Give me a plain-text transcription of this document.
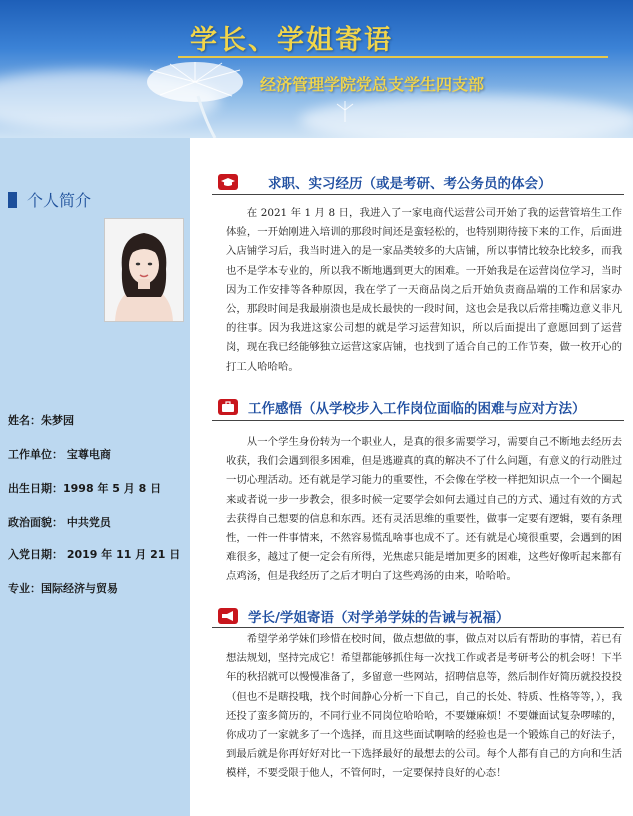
学长、学姐寄语
经济管理学院党总支学生四支部
个人简介
姓名：朱梦园
工作单位： 宝尊电商
出生日期：1998 年 5 月 8 日
政治面貌： 中共党员
入党日期： 2019 年 11 月 21 日
专业：国际经济与贸易
求职、实习经历（或是考研、考公务员的体会）

在 2021 年 1 月 8 日，我进入了一家电商代运营公司开始了我的运营管培生工作体验，一开始刚进入培训的那段时间还是蛮轻松的，也特别期待接下来的工作，后面进入店铺学习后，我当时进入的是一家品类较多的大店铺，所以事情比较杂比较多，而我也不是学本专业的，所以我不断地遇到更大的困难。一开始我是在运营岗位学习，当时因为工作安排等各种原因，我在学了一天商品岗之后开始负责商品端的工作和居家办公，那段时间是我最崩溃也是成长最快的一段时间，这也会是我以后常挂嘴边意义非凡的往事。因为我进这家公司想的就是学习运营知识，所以后面提出了意愿回到了运营岗，现在我已经能够独立运营这家店铺，也找到了适合自己的工作节奏，做一枚开心的打工人哈哈哈。

工作感悟（从学校步入工作岗位面临的困难与应对方法）

从一个学生身份转为一个职业人，是真的很多需要学习，需要自己不断地去经历去收获，我们会遇到很多困难，但是逃避真的真的解决不了什么问题，有意义的行动胜过一切心理活动。还有就是学习能力的重要性，不会像在学校一样把知识点一个一个圈起来或者说一步一步教会，很多时候一定要学会如何去通过自己的方式、通过有效的方式去获得自己想要的信息和东西。还有灵活思维的重要性，做事一定要有逻辑，要有条理性，一件一件事情来，不然容易慌乱啥事也成不了。还有就是心境很重要，会遇到的困难很多，越过了便一定会有所得，光焦虑只能是增加更多的困难，这些好像听起来都有点鸡汤，但是我经历了之后才明白了这些鸡汤的由来，哈哈哈。

学长/学姐寄语（对学弟学妹的告诫与祝福）

希望学弟学妹们珍惜在校时间，做点想做的事，做点对以后有帮助的事情，若已有想法规划，坚持完成它！希望都能够抓住每一次找工作或者是考研考公的机会呀！下半年的秋招就可以慢慢准备了，多留意一些网站，招聘信息等，然后制作好简历就投投投（但也不是瞎投哦，找个时间静心分析一下自己，自己的长处、特质、性格等等，），我还投了蛮多简历的，不同行业不同岗位哈哈哈，不要嫌麻烦！不要嫌面试复杂啰嗦的，你成功了一家就多了一个选择，而且这些面试啊啥的经验也是一个锻炼自己的好法子，到最后就是你再好好对比一下选择最好的最想去的公司。每个人都有自己的方向和生活模样，不要受限于他人，不管何时，一定要保持良好的心态！
